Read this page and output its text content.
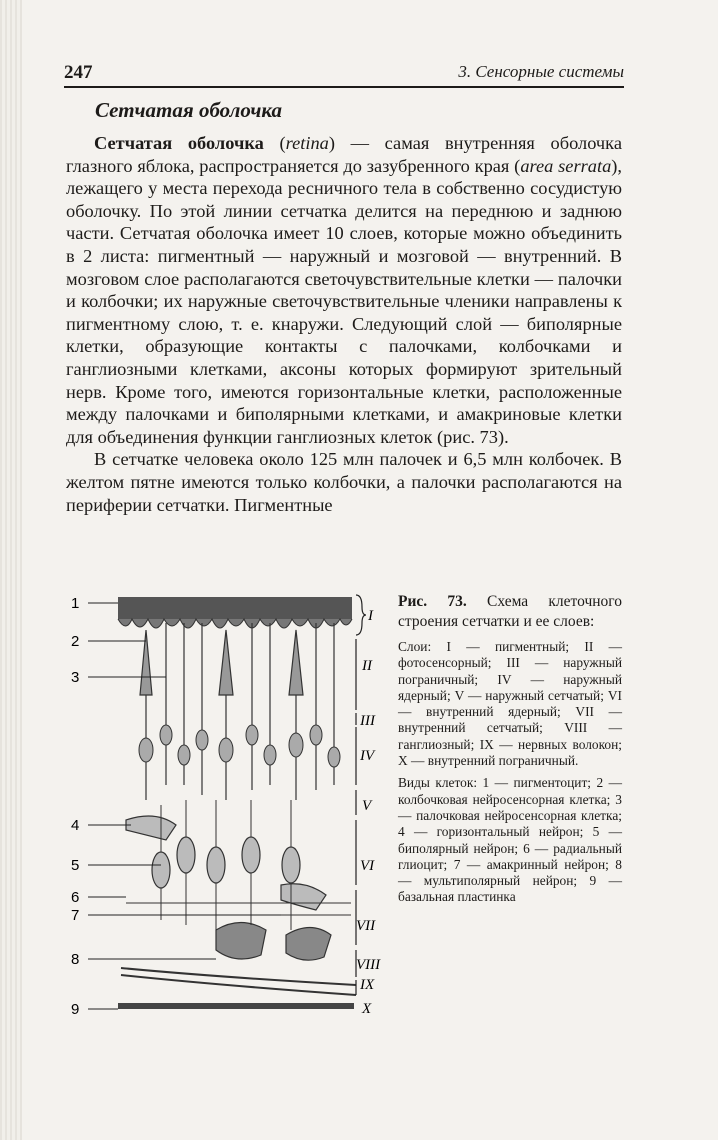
247	3. Сенсорные системы
Сетчатая оболочка

Сетчатая оболочка (retina) — самая внутренняя оболочка глазного яблока, распространяется до зазубренного края (area serrata), лежащего у места перехода ресничного тела в собственно сосудистую оболочку. По этой линии сетчатка делится на переднюю и заднюю части. Сетчатая оболочка имеет 10 слоев, которые можно объединить в 2 листа: пигментный — наружный и мозговой — внутренний. В мозговом слое располагаются светочувствительные клетки — палочки и колбочки; их наружные светочувствительные членики направлены к пигментному слою, т. е. кнаружи. Следующий слой — биполярные клетки, образующие контакты с палочками, колбочками и ганглиозными клетками, аксоны которых формируют зрительный нерв. Кроме того, имеются горизонтальные клетки, расположенные между палочками и биполярными клетками, и амакриновые клетки для объединения функции ганглиозных клеток (рис. 73).

В сетчатке человека около 125 млн палочек и 6,5 млн колбочек. В желтом пятне имеются только колбочки, а палочки располагаются на периферии сетчатки. Пигментные

1
2
3
4
5
6
7
8
9
I
II
III
IV
V
VI
VII
VIII
IX
X

Рис. 73. Схема клеточного строения сетчатки и ее слоев:

Слои: I — пигментный; II — фотосенсорный; III — наружный пограничный; IV — наружный ядерный; V — наружный сетчатый; VI — внутренний ядерный; VII — внутренний сетчатый; VIII — ганглиозный; IX — нервных волокон; X — внутренний пограничный.

Виды клеток: 1 — пигментоцит; 2 — колбочковая нейросенсорная клетка; 3 — палочковая нейросенсорная клетка; 4 — горизонтальный нейрон; 5 — биполярный нейрон; 6 — радиальный глиоцит; 7 — амакринный нейрон; 8 — мультиполярный нейрон; 9 — базальная пластинка
